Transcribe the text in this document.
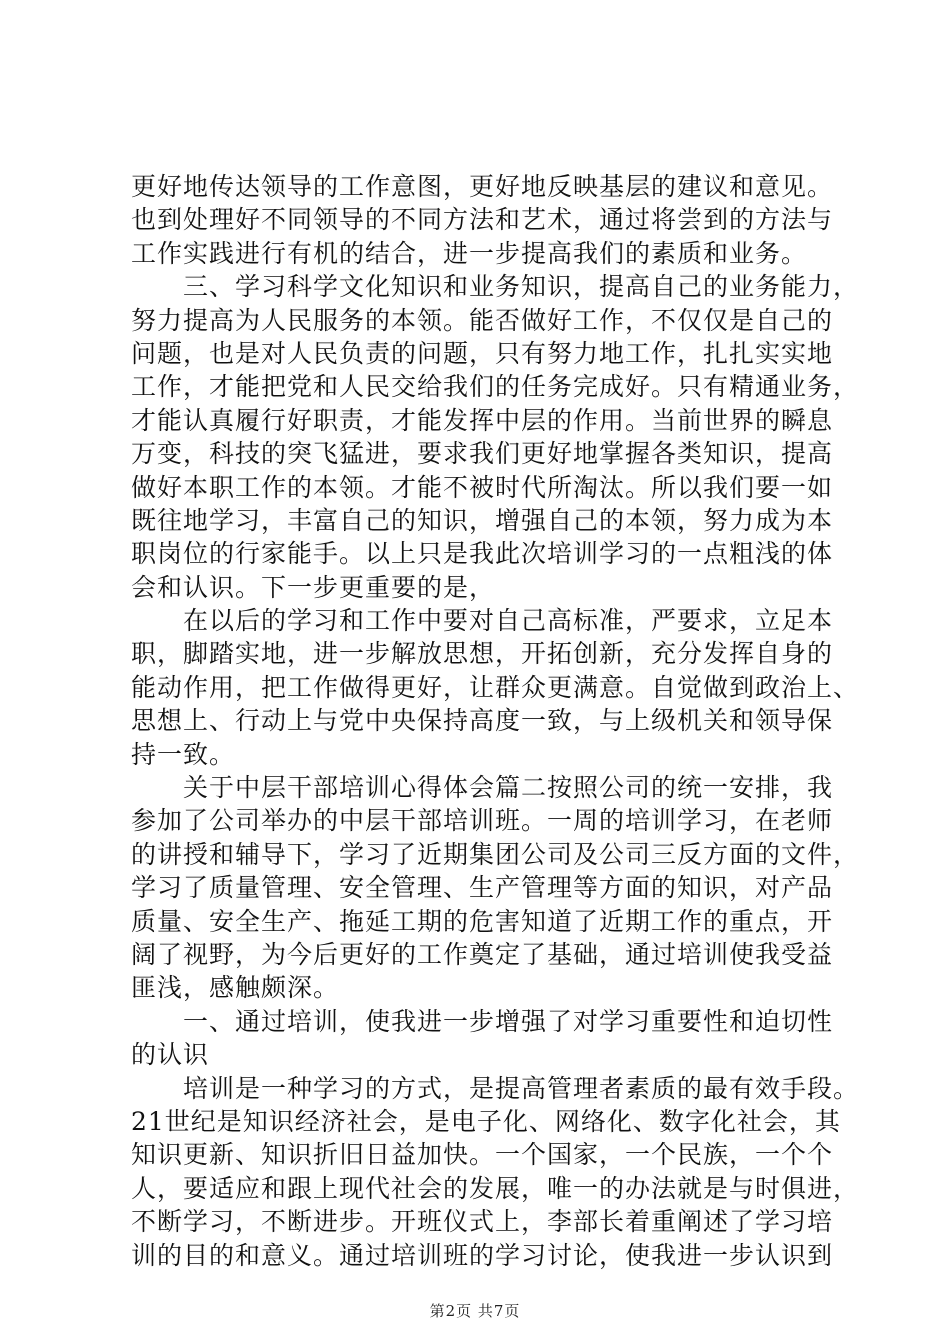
更好地传达领导的工作意图，更好地反映基层的建议和意见。
也到处理好不同领导的不同方法和艺术，通过将尝到的方法与
工作实践进行有机的结合，进一步提高我们的素质和业务。
　　三、学习科学文化知识和业务知识，提高自己的业务能力，
努力提高为人民服务的本领。能否做好工作，不仅仅是自己的
问题，也是对人民负责的问题，只有努力地工作，扎扎实实地
工作，才能把党和人民交给我们的任务完成好。只有精通业务，
才能认真履行好职责，才能发挥中层的作用。当前世界的瞬息
万变，科技的突飞猛进，要求我们更好地掌握各类知识，提高
做好本职工作的本领。才能不被时代所淘汰。所以我们要一如
既往地学习，丰富自己的知识，增强自己的本领，努力成为本
职岗位的行家能手。以上只是我此次培训学习的一点粗浅的体
会和认识。下一步更重要的是，
　　在以后的学习和工作中要对自己高标准，严要求，立足本
职，脚踏实地，进一步解放思想，开拓创新，充分发挥自身的
能动作用，把工作做得更好，让群众更满意。自觉做到政治上、
思想上、行动上与党中央保持高度一致，与上级机关和领导保
持一致。
　　关于中层干部培训心得体会篇二按照公司的统一安排，我
参加了公司举办的中层干部培训班。一周的培训学习，在老师
的讲授和辅导下，学习了近期集团公司及公司三反方面的文件，
学习了质量管理、安全管理、生产管理等方面的知识，对产品
质量、安全生产、拖延工期的危害知道了近期工作的重点，开
阔了视野，为今后更好的工作奠定了基础，通过培训使我受益
匪浅，感触颇深。
　　一、通过培训，使我进一步增强了对学习重要性和迫切性
的认识
　　培训是一种学习的方式，是提高管理者素质的最有效手段。
21世纪是知识经济社会，是电子化、网络化、数字化社会，其
知识更新、知识折旧日益加快。一个国家，一个民族，一个个
人，要适应和跟上现代社会的发展，唯一的办法就是与时俱进，
不断学习，不断进步。开班仪式上，李部长着重阐述了学习培
训的目的和意义。通过培训班的学习讨论，使我进一步认识到
第2页 共7页
